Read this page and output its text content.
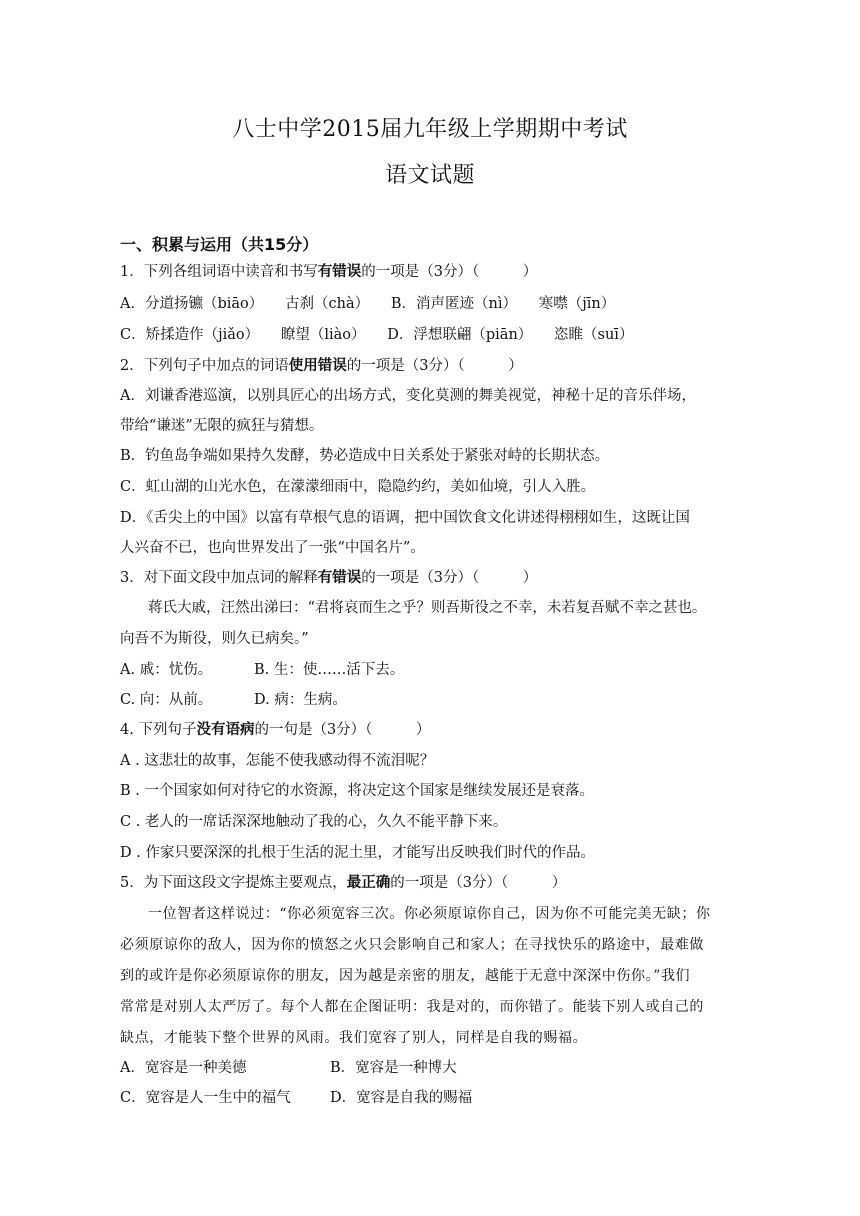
八士中学2015届九年级上学期期中考试
语文试题
一、积累与运用（共15分）
1．下列各组词语中读音和书写有错误的一项是（3分）（　　　）
A．分道扬镳（biāo）　　古刹（chà）　　B．消声匿迹（nì）　　寒噤（jīn）
C．矫揉造作（jiǎo）　　瞭望（liào）　　D．浮想联翩（piān）　　恣睢（suī）
2．下列句子中加点的词语使用错误的一项是（3分）（　　　）
A．刘谦香港巡演，以别具匠心的出场方式，变化莫测的舞美视觉，神秘十足的音乐伴场，
带给“谦迷”无限的疯狂与猜想。
B．钓鱼岛争端如果持久发酵，势必造成中日关系处于紧张对峙的长期状态。
C．虹山湖的山光水色，在濛濛细雨中，隐隐约约，美如仙境，引人入胜。
D．《舌尖上的中国》以富有草根气息的语调，把中国饮食文化讲述得栩栩如生，这既让国
人兴奋不已，也向世界发出了一张“中国名片”。
3．对下面文段中加点词的解释有错误的一项是（3分）（　　　）
蒋氏大戚，汪然出涕曰：“君将哀而生之乎？则吾斯役之不幸，未若复吾赋不幸之甚也。
向吾不为斯役，则久已病矣。”
A. 戚：忧伤。	B. 生：使……活下去。
C. 向：从前。	D. 病：生病。
4. 下列句子没有语病的一句是（3分）（　　　）
A . 这悲壮的故事，怎能不使我感动得不流泪呢？
B . 一个国家如何对待它的水资源，将决定这个国家是继续发展还是衰落。
C . 老人的一席话深深地触动了我的心，久久不能平静下来。
D . 作家只要深深的扎根于生活的泥土里，才能写出反映我们时代的作品。
5．为下面这段文字提炼主要观点，最正确的一项是（3分）（　　　）
一位智者这样说过：“你必须宽容三次。你必须原谅你自己，因为你不可能完美无缺；你
必须原谅你的敌人，因为你的愤怒之火只会影响自己和家人；在寻找快乐的路途中，最难做
到的或许是你必须原谅你的朋友，因为越是亲密的朋友，越能于无意中深深中伤你。”我们
常常是对别人太严厉了。每个人都在企图证明：我是对的，而你错了。能装下别人或自己的
缺点，才能装下整个世界的风雨。我们宽容了别人，同样是自我的赐福。
A．宽容是一种美德	B．宽容是一种博大
C．宽容是人一生中的福气	D．宽容是自我的赐福
